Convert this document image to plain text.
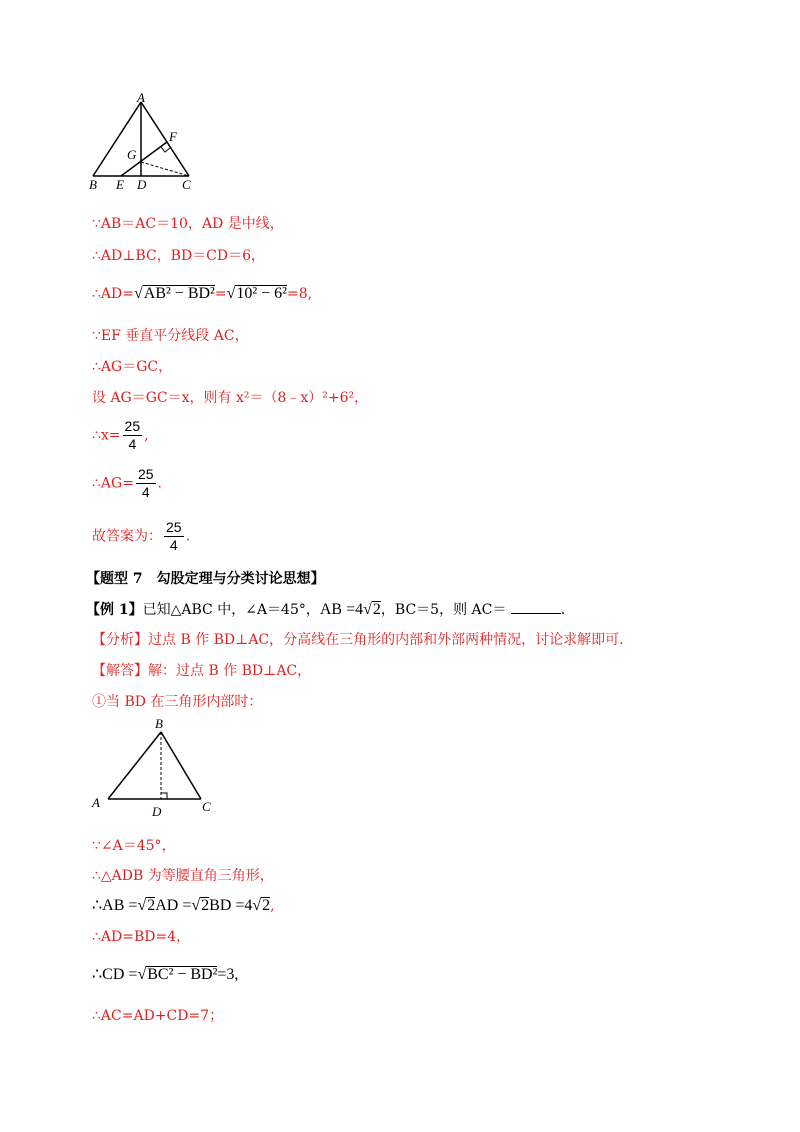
A
F
G
B E D	C
∵AB＝AC＝10，AD 是中线，
∴AD⊥BC，BD＝CD＝6，
∴AD=√AB² − BD²=√10² − 6²=8,
∵EF 垂直平分线段 AC，
∴AG＝GC，
设 AG＝GC＝x，则有 x²＝（8﹣x）²+6²，
∴x= $\frac{25}{4}$ ,
∴AG= $\frac{25}{4}$ .
故答案为： $\frac{25}{4}$ .
【题型 7　勾股定理与分类讨论思想】
【例 1】已知△ABC 中，∠A＝45°，AB =4√2，BC＝5，则 AC＝	.
【分析】过点 B 作 BD⊥AC，分高线在三角形的内部和外部两种情况，讨论求解即可.
【解答】解：过点 B 作 BD⊥AC，
①当 BD 在三角形内部时：
B
A
D	C
∵∠A＝45°，
∴△ADB 为等腰直角三角形，
∴AB =√2AD =√2BD =4√2,
∴AD=BD=4，
∴CD =√BC² − BD²=3,
∴AC=AD+CD=7；
